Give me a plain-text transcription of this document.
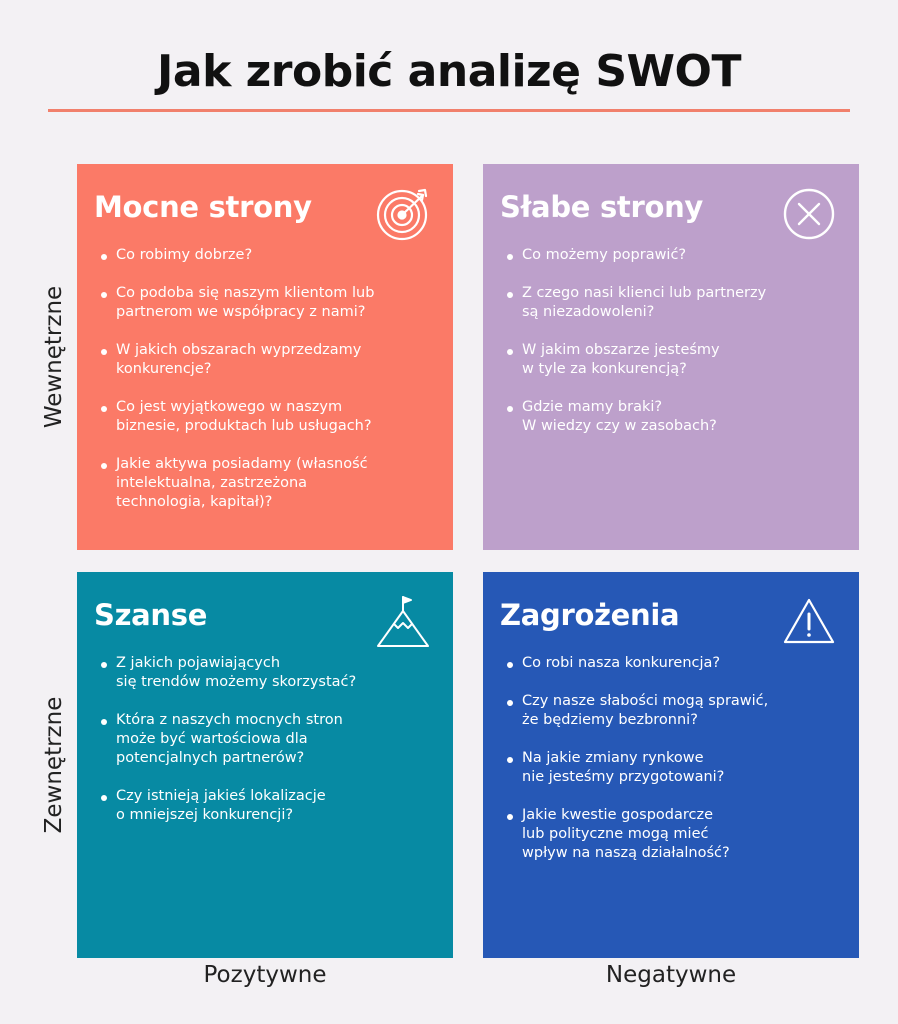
Jak zrobić analizę SWOT
Wewnętrzne
Zewnętrzne
Mocne strony
Co robimy dobrze?
Co podoba się naszym klientom lub
partnerom we współpracy z nami?
W jakich obszarach wyprzedzamy
konkurencje?
Co jest wyjątkowego w naszym
biznesie, produktach lub usługach?
Jakie aktywa posiadamy (własność
intelektualna, zastrzeżona
technologia, kapitał)?
Słabe strony
Co możemy poprawić?
Z czego nasi klienci lub partnerzy
są niezadowoleni?
W jakim obszarze jesteśmy
w tyle za konkurencją?
Gdzie mamy braki?
W wiedzy czy w zasobach?
Szanse
Z jakich pojawiających
się trendów możemy skorzystać?
Która z naszych mocnych stron
może być wartościowa dla
potencjalnych partnerów?
Czy istnieją jakieś lokalizacje
o mniejszej konkurencji?
Zagrożenia
Co robi nasza konkurencja?
Czy nasze słabości mogą sprawić,
że będziemy bezbronni?
Na jakie zmiany rynkowe
nie jesteśmy przygotowani?
Jakie kwestie gospodarcze
lub polityczne mogą mieć
wpływ na naszą działalność?
Pozytywne	Negatywne
